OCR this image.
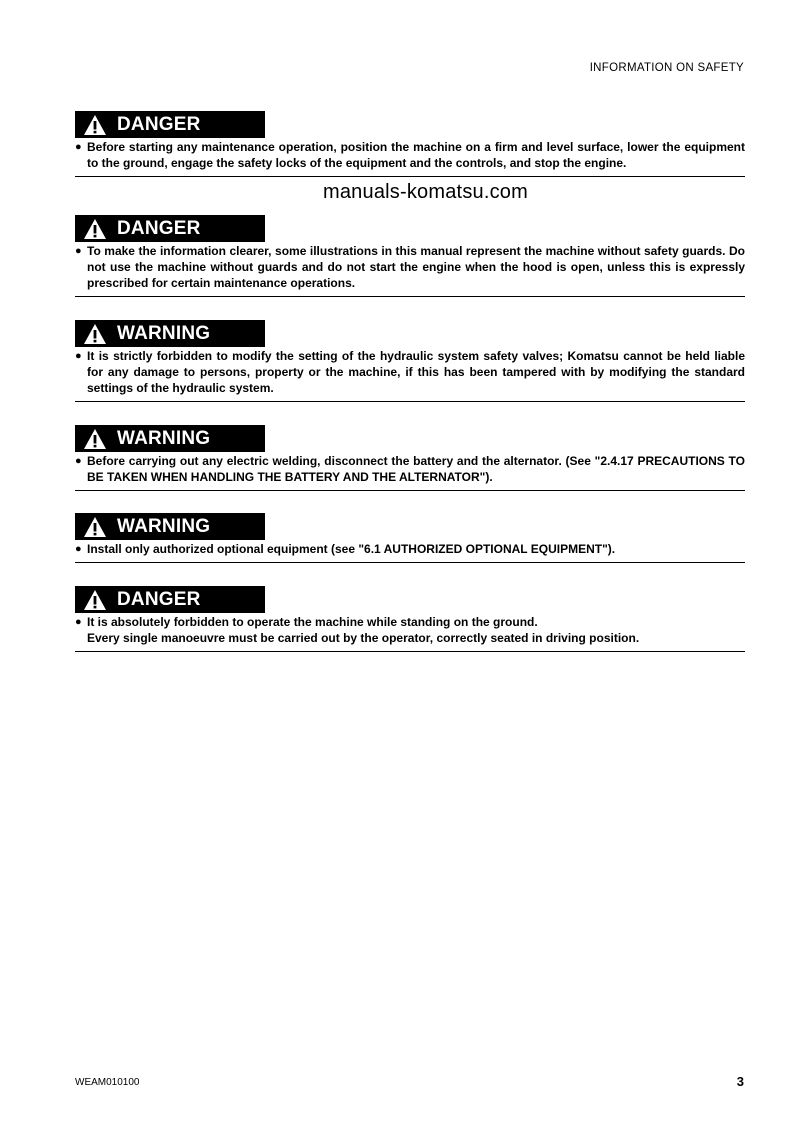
INFORMATION ON SAFETY
DANGER
● Before starting any maintenance operation, position the machine on a firm and level surface, lower the equipment to the ground, engage the safety locks of the equipment and the controls, and stop the engine.
DANGER
● To make the information clearer, some illustrations in this manual represent the machine without safety guards. Do not use the machine without guards and do not start the engine when the hood is open, unless this is expressly prescribed for certain maintenance operations.
WARNING
● It is strictly forbidden to modify the setting of the hydraulic system safety valves; Komatsu cannot be held liable for any damage to persons, property or the machine, if this has been tampered with by modifying the standard settings of the hydraulic system.
WARNING
● Before carrying out any electric welding, disconnect the battery and the alternator. (See "2.4.17 PRECAUTIONS TO BE TAKEN WHEN HANDLING THE BATTERY AND THE ALTERNATOR").
WARNING
● Install only authorized optional equipment (see "6.1 AUTHORIZED OPTIONAL EQUIPMENT").
DANGER
● It is absolutely forbidden to operate the machine while standing on the ground.
Every single manoeuvre must be carried out by the operator, correctly seated in driving position.
manuals-komatsu.com
WEAM010100	3
